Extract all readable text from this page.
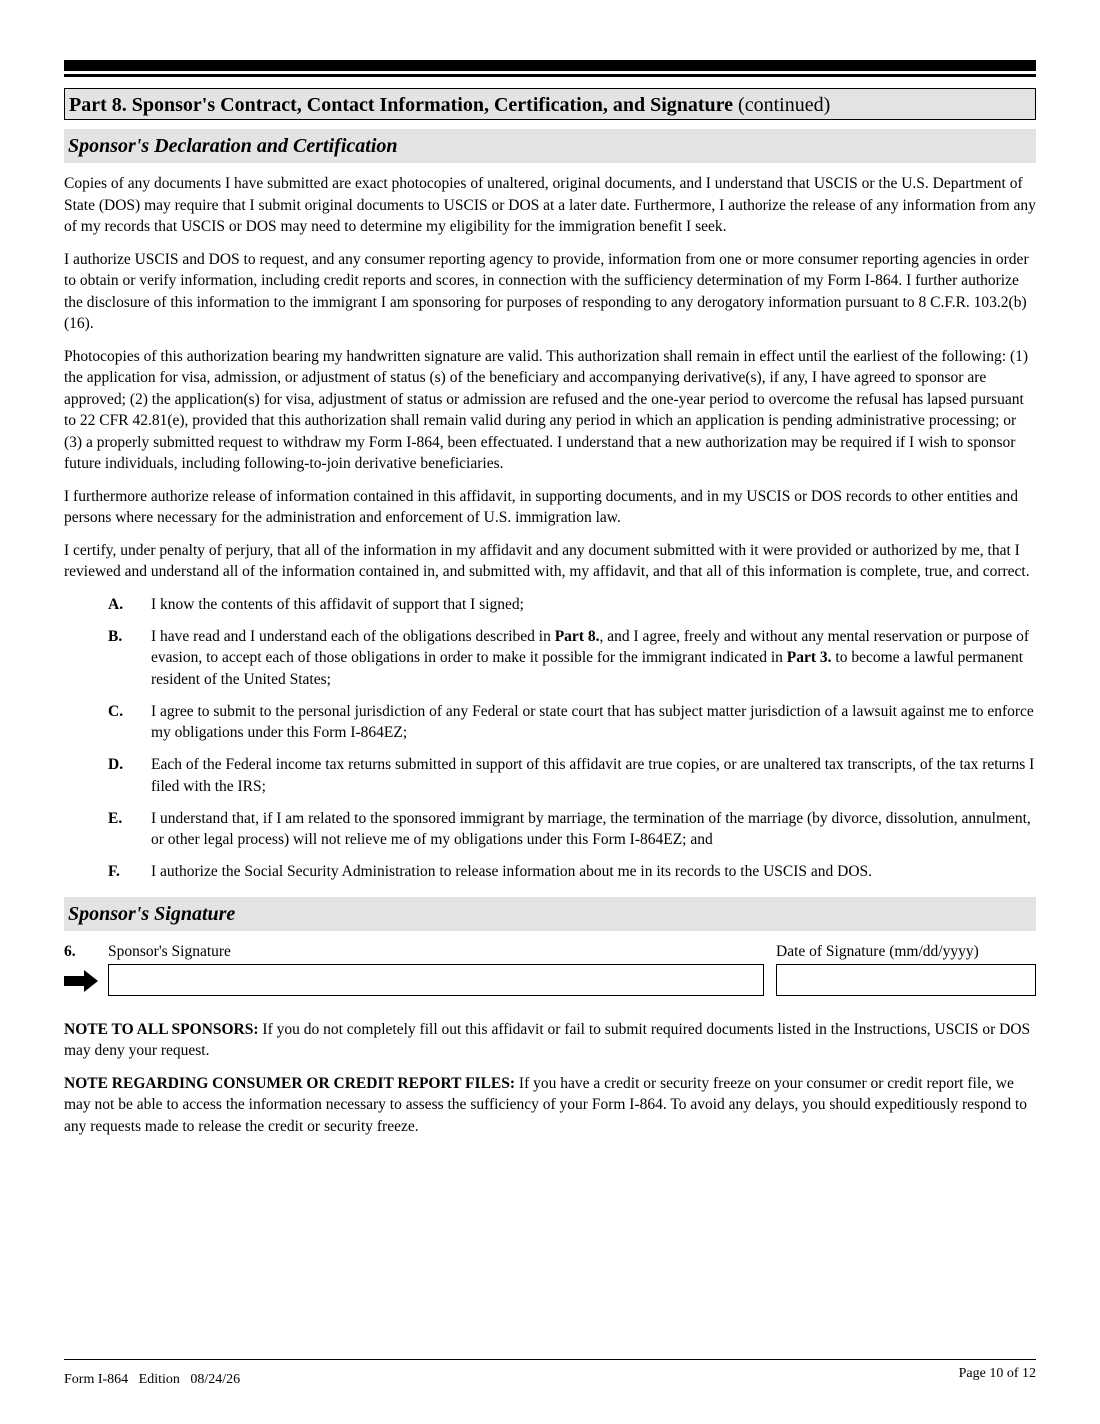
Part 8. Sponsor's Contract, Contact Information, Certification, and Signature (continued)
Sponsor's Declaration and Certification

Copies of any documents I have submitted are exact photocopies of unaltered, original documents, and I understand that USCIS or the U.S. Department of State (DOS) may require that I submit original documents to USCIS or DOS at a later date. Furthermore, I authorize the release of any information from any of my records that USCIS or DOS may need to determine my eligibility for the immigration benefit I seek.

I authorize USCIS and DOS to request, and any consumer reporting agency to provide, information from one or more consumer reporting agencies in order to obtain or verify information, including credit reports and scores, in connection with the sufficiency determination of my Form I-864. I further authorize the disclosure of this information to the immigrant I am sponsoring for purposes of responding to any derogatory information pursuant to 8 C.F.R. 103.2(b)(16).

Photocopies of this authorization bearing my handwritten signature are valid. This authorization shall remain in effect until the earliest of the following: (1) the application for visa, admission, or adjustment of status (s) of the beneficiary and accompanying derivative(s), if any, I have agreed to sponsor are approved; (2) the application(s) for visa, adjustment of status or admission are refused and the one-year period to overcome the refusal has lapsed pursuant to 22 CFR 42.81(e), provided that this authorization shall remain valid during any period in which an application is pending administrative processing; or (3) a properly submitted request to withdraw my Form I-864, been effectuated. I understand that a new authorization may be required if I wish to sponsor future individuals, including following-to-join derivative beneficiaries.

I furthermore authorize release of information contained in this affidavit, in supporting documents, and in my USCIS or DOS records to other entities and persons where necessary for the administration and enforcement of U.S. immigration law.

I certify, under penalty of perjury, that all of the information in my affidavit and any document submitted with it were provided or authorized by me, that I reviewed and understand all of the information contained in, and submitted with, my affidavit, and that all of this information is complete, true, and correct.

A.	I know the contents of this affidavit of support that I signed;
B.	I have read and I understand each of the obligations described in Part 8., and I agree, freely and without any mental reservation or purpose of evasion, to accept each of those obligations in order to make it possible for the immigrant indicated in Part 3. to become a lawful permanent resident of the United States;
C.	I agree to submit to the personal jurisdiction of any Federal or state court that has subject matter jurisdiction of a lawsuit against me to enforce my obligations under this Form I-864EZ;
D.	Each of the Federal income tax returns submitted in support of this affidavit are true copies, or are unaltered tax transcripts, of the tax returns I filed with the IRS;
E.	I understand that, if I am related to the sponsored immigrant by marriage, the termination of the marriage (by divorce, dissolution, annulment, or other legal process) will not relieve me of my obligations under this Form I-864EZ; and
F.	I authorize the Social Security Administration to release information about me in its records to the USCIS and DOS.
Sponsor's Signature
6. Sponsor's Signature	Date of Signature (mm/dd/yyyy)

NOTE TO ALL SPONSORS: If you do not completely fill out this affidavit or fail to submit required documents listed in the Instructions, USCIS or DOS may deny your request.

NOTE REGARDING CONSUMER OR CREDIT REPORT FILES: If you have a credit or security freeze on your consumer or credit report file, we may not be able to access the information necessary to assess the sufficiency of your Form I-864. To avoid any delays, you should expeditiously respond to any requests made to release the credit or security freeze.

Form I-864   Edition   08/24/26	Page 10 of 12
